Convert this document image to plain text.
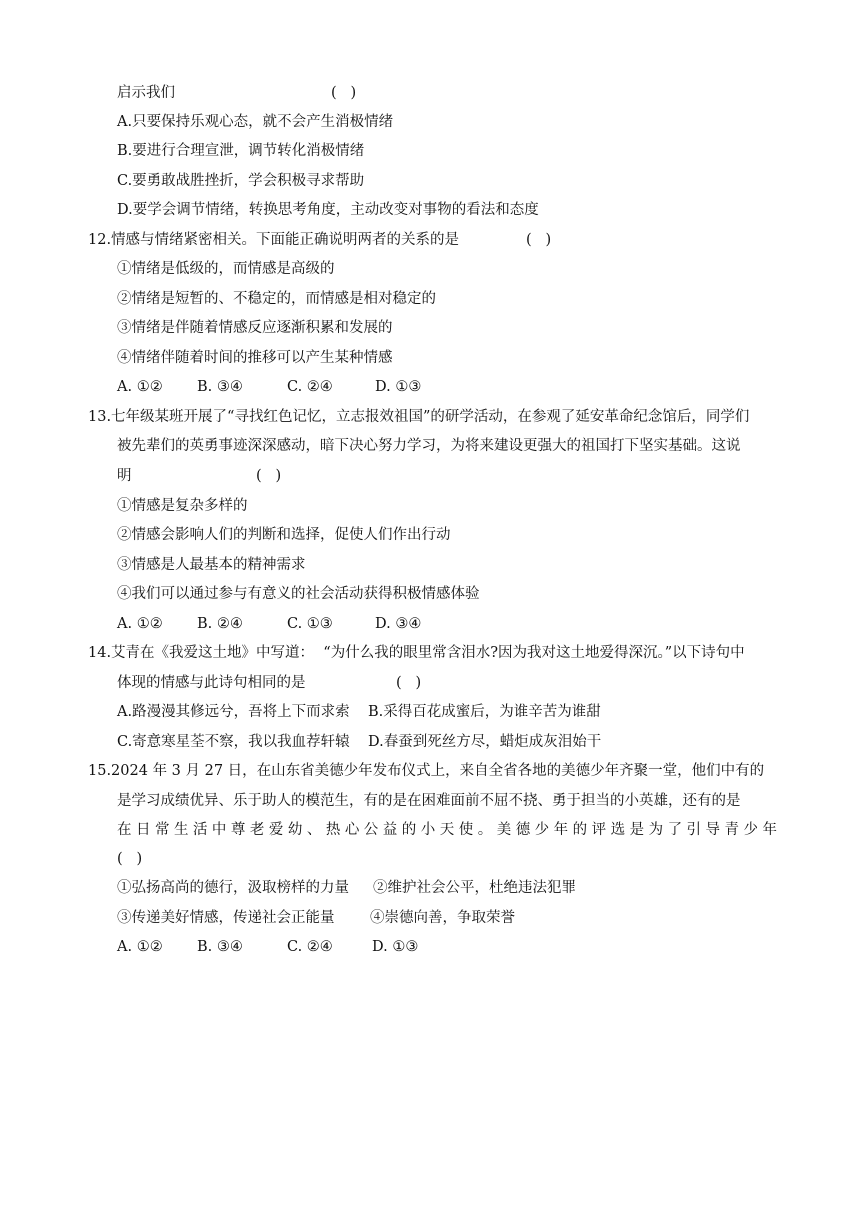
启示我们	(   )
A.只要保持乐观心态，就不会产生消极情绪
B.要进行合理宣泄，调节转化消极情绪
C.要勇敢战胜挫折，学会积极寻求帮助
D.要学会调节情绪，转换思考角度，主动改变对事物的看法和态度
12.情感与情绪紧密相关。下面能正确说明两者的关系的是	(   )
①情绪是低级的，而情感是高级的
②情绪是短暂的、不稳定的，而情感是相对稳定的
③情绪是伴随着情感反应逐渐积累和发展的
④情绪伴随着时间的推移可以产生某种情感
A. ①② B. ③④	C. ②④	D. ①③
13.七年级某班开展了“寻找红色记忆，立志报效祖国”的研学活动，在参观了延安革命纪念馆后，同学们
被先辈们的英勇事迹深深感动，暗下决心努力学习，为将来建设更强大的祖国打下坚实基础。这说
明	(   )
①情感是复杂多样的
②情感会影响人们的判断和选择，促使人们作出行动
③情感是人最基本的精神需求
④我们可以通过参与有意义的社会活动获得积极情感体验
A. ①② B. ②④	C. ①③	D. ③④
14.艾青在《我爱这土地》中写道：  “为什么我的眼里常含泪水?因为我对这土地爱得深沉。”以下诗句中
体现的情感与此诗句相同的是	(   )
A.路漫漫其修远兮，吾将上下而求索 B.采得百花成蜜后，为谁辛苦为谁甜
C.寄意寒星荃不察，我以我血荐轩辕 D.春蚕到死丝方尽，蜡炬成灰泪始干
15.2024 年 3 月 27 日，在山东省美德少年发布仪式上，来自全省各地的美德少年齐聚一堂，他们中有的
是学习成绩优异、乐于助人的模范生，有的是在困难面前不屈不挠、勇于担当的小英雄，还有的是
在日常生活中尊老爱幼、热心公益的小天使。美德少年的评选是为了引导青少年
(   )
①弘扬高尚的德行，汲取榜样的力量 ②维护社会公平，杜绝违法犯罪
③传递美好情感，传递社会正能量 ④崇德向善，争取荣誉
A. ①② B. ③④	C. ②④	D. ①③
